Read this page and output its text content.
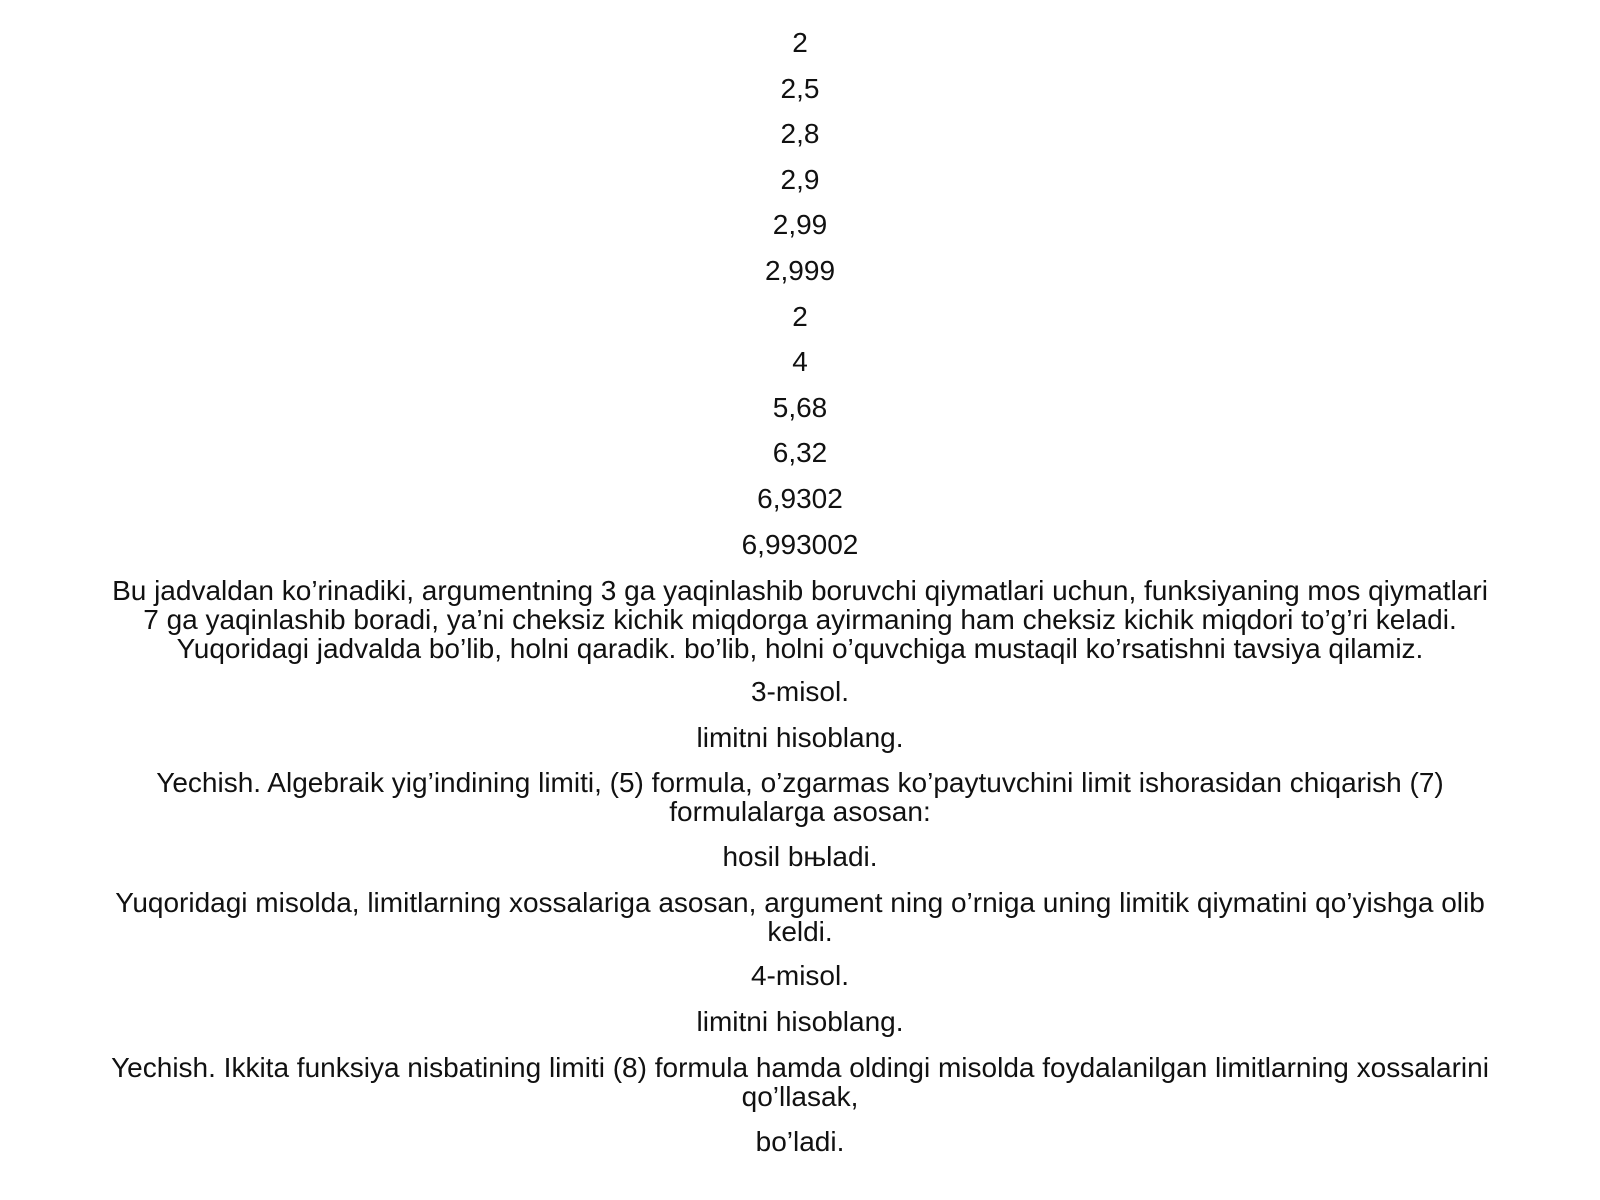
2
2,5
2,8
2,9
2,99
2,999
2
4
5,68
6,32
6,9302
6,993002
Bu jadvaldan ko’rinadiki, argumentning 3 ga yaqinlashib boruvchi qiymatlari uchun, funksiyaning mos qiymatlari
7 ga yaqinlashib boradi, ya’ni cheksiz kichik miqdorga ayirmaning ham cheksiz kichik miqdori to’g’ri keladi.
Yuqoridagi jadvalda bo’lib, holni qaradik. bo’lib, holni o’quvchiga mustaqil ko’rsatishni tavsiya qilamiz.
3-misol.
limitni hisoblang.
Yechish. Algebraik yig’indining limiti, (5) formula, o’zgarmas ko’paytuvchini limit ishorasidan chiqarish (7)
formulalarga asosan:
hosil bњladi.
Yuqoridagi misolda, limitlarning xossalariga asosan, argument ning o’rniga uning limitik qiymatini qo’yishga olib
keldi.
4-misol.
limitni hisoblang.
Yechish. Ikkita funksiya nisbatining limiti (8) formula hamda oldingi misolda foydalanilgan limitlarning xossalarini
qo’llasak,
bo’ladi.
